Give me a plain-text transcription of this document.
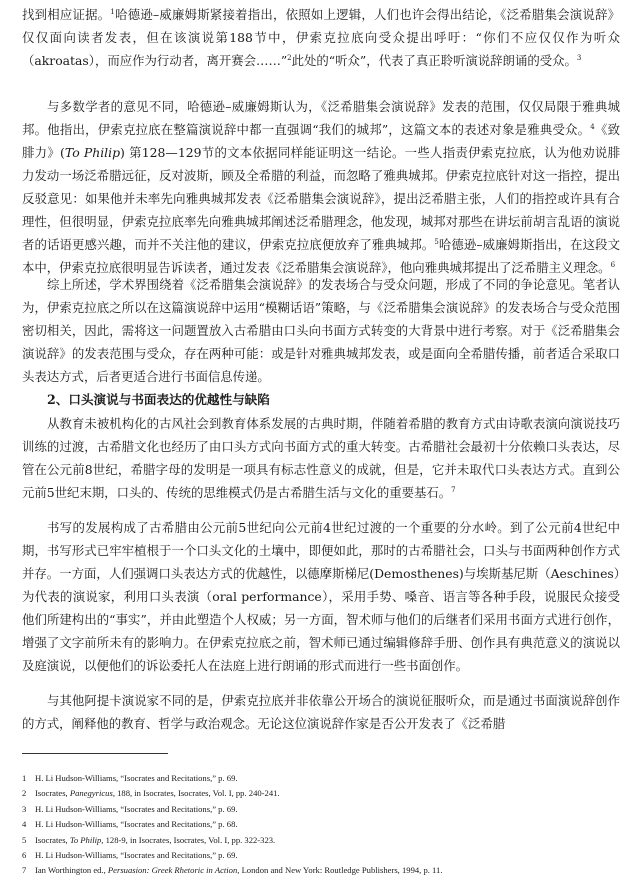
找到相应证据。$^1$哈德逊–威廉姆斯紧接着指出，依照如上逻辑，人们也许会得出结论，《泛希腊集会演说辞》仅仅面向读者发表，但在该演说第188节中，伊索克拉底向受众提出呼吁：“你们不应仅仅作为听众（akroatas），而应作为行动者，离开赛会……”$^2$此处的“听众”，代表了真正聆听演说辞朗诵的受众。$^3$

与多数学者的意见不同，哈德逊–威廉姆斯认为，《泛希腊集会演说辞》发表的范围，仅仅局限于雅典城邦。他指出，伊索克拉底在整篇演说辞中都一直强调“我们的城邦”，这篇文本的表述对象是雅典受众。$^4$《致腓力》(To Philip) 第128—129节的文本依据同样能证明这一结论。一些人指责伊索克拉底，认为他劝说腓力发动一场泛希腊远征，反对波斯，顾及全希腊的利益，而忽略了雅典城邦。伊索克拉底针对这一指控，提出反驳意见：如果他并未率先向雅典城邦发表《泛希腊集会演说辞》，提出泛希腊主张，人们的指控或许具有合理性，但很明显，伊索克拉底率先向雅典城邦阐述泛希腊理念，他发现，城邦对那些在讲坛前胡言乱语的演说者的话语更感兴趣，而并不关注他的建议，伊索克拉底便放弃了雅典城邦。$^5$哈德逊–威廉姆斯指出，在这段文本中，伊索克拉底很明显告诉读者，通过发表《泛希腊集会演说辞》，他向雅典城邦提出了泛希腊主义理念。$^6$

综上所述，学术界围绕着《泛希腊集会演说辞》的发表场合与受众问题，形成了不同的争论意见。笔者认为，伊索克拉底之所以在这篇演说辞中运用“模糊话语”策略，与《泛希腊集会演说辞》的发表场合与受众范围密切相关，因此，需将这一问题置放入古希腊由口头向书面方式转变的大背景中进行考察。对于《泛希腊集会演说辞》的发表范围与受众，存在两种可能：或是针对雅典城邦发表，或是面向全希腊传播，前者适合采取口头表达方式，后者更适合进行书面信息传递。

2、口头演说与书面表达的优越性与缺陷

从教育未被机构化的古风社会到教育体系发展的古典时期，伴随着希腊的教育方式由诗歌表演向演说技巧训练的过渡，古希腊文化也经历了由口头方式向书面方式的重大转变。古希腊社会最初十分依赖口头表达，尽管在公元前8世纪，希腊字母的发明是一项具有标志性意义的成就，但是，它并未取代口头表达方式。直到公元前5世纪末期，口头的、传统的思维模式仍是古希腊生活与文化的重要基石。$^7$

书写的发展构成了古希腊由公元前5世纪向公元前4世纪过渡的一个重要的分水岭。到了公元前4世纪中期，书写形式已牢牢植根于一个口头文化的土壤中，即便如此，那时的古希腊社会，口头与书面两种创作方式并存。一方面，人们强调口头表达方式的优越性，以德摩斯梯尼(Demosthenes)与埃斯基尼斯（Aeschines）为代表的演说家，利用口头表演（oral performance），采用手势、嗓音、语言等各种手段，说服民众接受他们所建构出的“事实”，并由此塑造个人权威；另一方面，智术师与他们的后继者们采用书面方式进行创作，增强了文字前所未有的影响力。在伊索克拉底之前，智术师已通过编辑修辞手册、创作具有典范意义的演说以及庭演说，以便他们的诉讼委托人在法庭上进行朗诵的形式而进行一些书面创作。

与其他阿提卡演说家不同的是，伊索克拉底并非依靠公开场合的演说征服听众，而是通过书面演说辞创作的方式，阐释他的教育、哲学与政治观念。无论这位演说辞作家是否公开发表了《泛希腊

1 H. Li Hudson-Williams, “Isocrates and Recitations,” p. 69.
2 Isocrates, Panegyricus, 188, in Isocrates, Isocrates, Vol. I, pp. 240-241.
3 H. Li Hudson-Williams, “Isocrates and Recitations,” p. 69.
4 H. Li Hudson-Williams, “Isocrates and Recitations,” p. 68.
5 Isocrates, To Philip, 128-9, in Isocrates, Isocrates, Vol. I, pp. 322-323.
6 H. Li Hudson-Williams, “Isocrates and Recitations,” p. 69.
7 Ian Worthington ed., Persuasion: Greek Rhetoric in Action, London and New York: Routledge Publishers, 1994, p. 11.
